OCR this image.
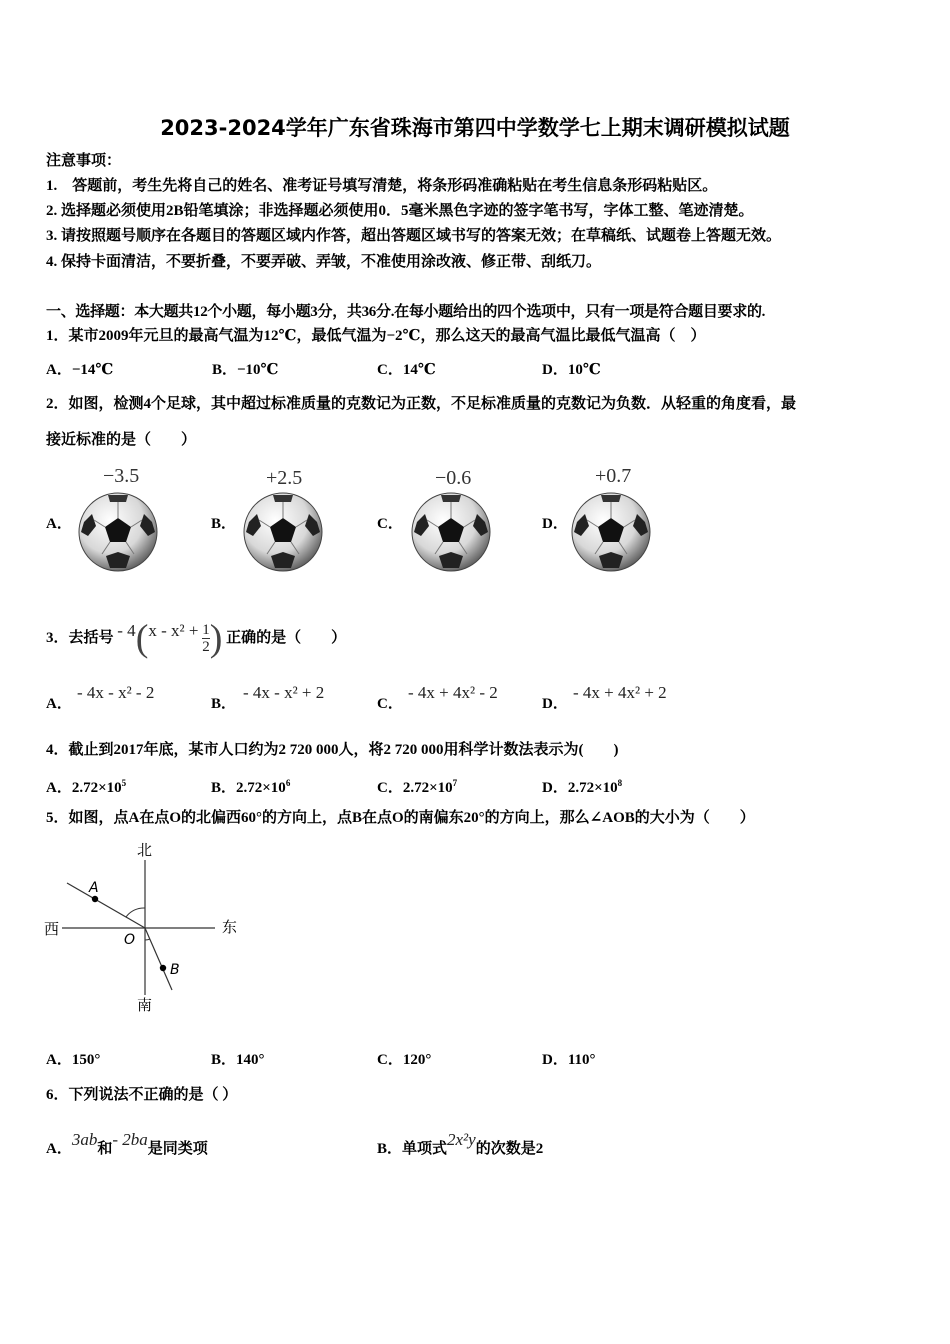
2023-2024学年广东省珠海市第四中学数学七上期末调研模拟试题
注意事项：
1.　答题前，考生先将自己的姓名、准考证号填写清楚，将条形码准确粘贴在考生信息条形码粘贴区。
2. 选择题必须使用2B铅笔填涂；非选择题必须使用0．5毫米黑色字迹的签字笔书写，字体工整、笔迹清楚。
3. 请按照题号顺序在各题目的答题区域内作答，超出答题区域书写的答案无效；在草稿纸、试题卷上答题无效。
4. 保持卡面清洁，不要折叠，不要弄破、弄皱，不准使用涂改液、修正带、刮纸刀。
一、选择题：本大题共12个小题，每小题3分，共36分.在每小题给出的四个选项中，只有一项是符合题目要求的.
1．某市2009年元旦的最高气温为12℃，最低气温为−2℃，那么这天的最高气温比最低气温高（　）
A．−14℃	B．−10℃	C．14℃	D．10℃
2．如图，检测4个足球，其中超过标准质量的克数记为正数，不足标准质量的克数记为负数．从轻重的角度看，最
接近标准的是（　　）
A．
−3.5
B．
+2.5
C．
−0.6
D．
+0.7
3．去括号 - $4(x - x^2 + \frac{1}{2}$ ) 正确的是（　　）
A．
- 4x - x² - 2
B．
- 4x - x² + 2
C．
- 4x + 4x² - 2
D．
- 4x + 4x² + 2
4．截止到2017年底，某市人口约为2 720 000人，将2 720 000用科学计数法表示为(　　)
A．$2.72\times 10^5$	B．$2.72\times 10^6$	C．$2.72\times 10^7$	D．$2.72\times 10^8$
5．如图，点A在点O的北偏西60°的方向上，点B在点O的南偏东20°的方向上，那么∠AOB的大小为（　　）
北
南
西	东
O
A
B
A．150°	B．140°	C．120°	D．110°
6．下列说法不正确的是（ ）
A．3ab和- 2ba是同类项	B．单项式2x²y的次数是2
